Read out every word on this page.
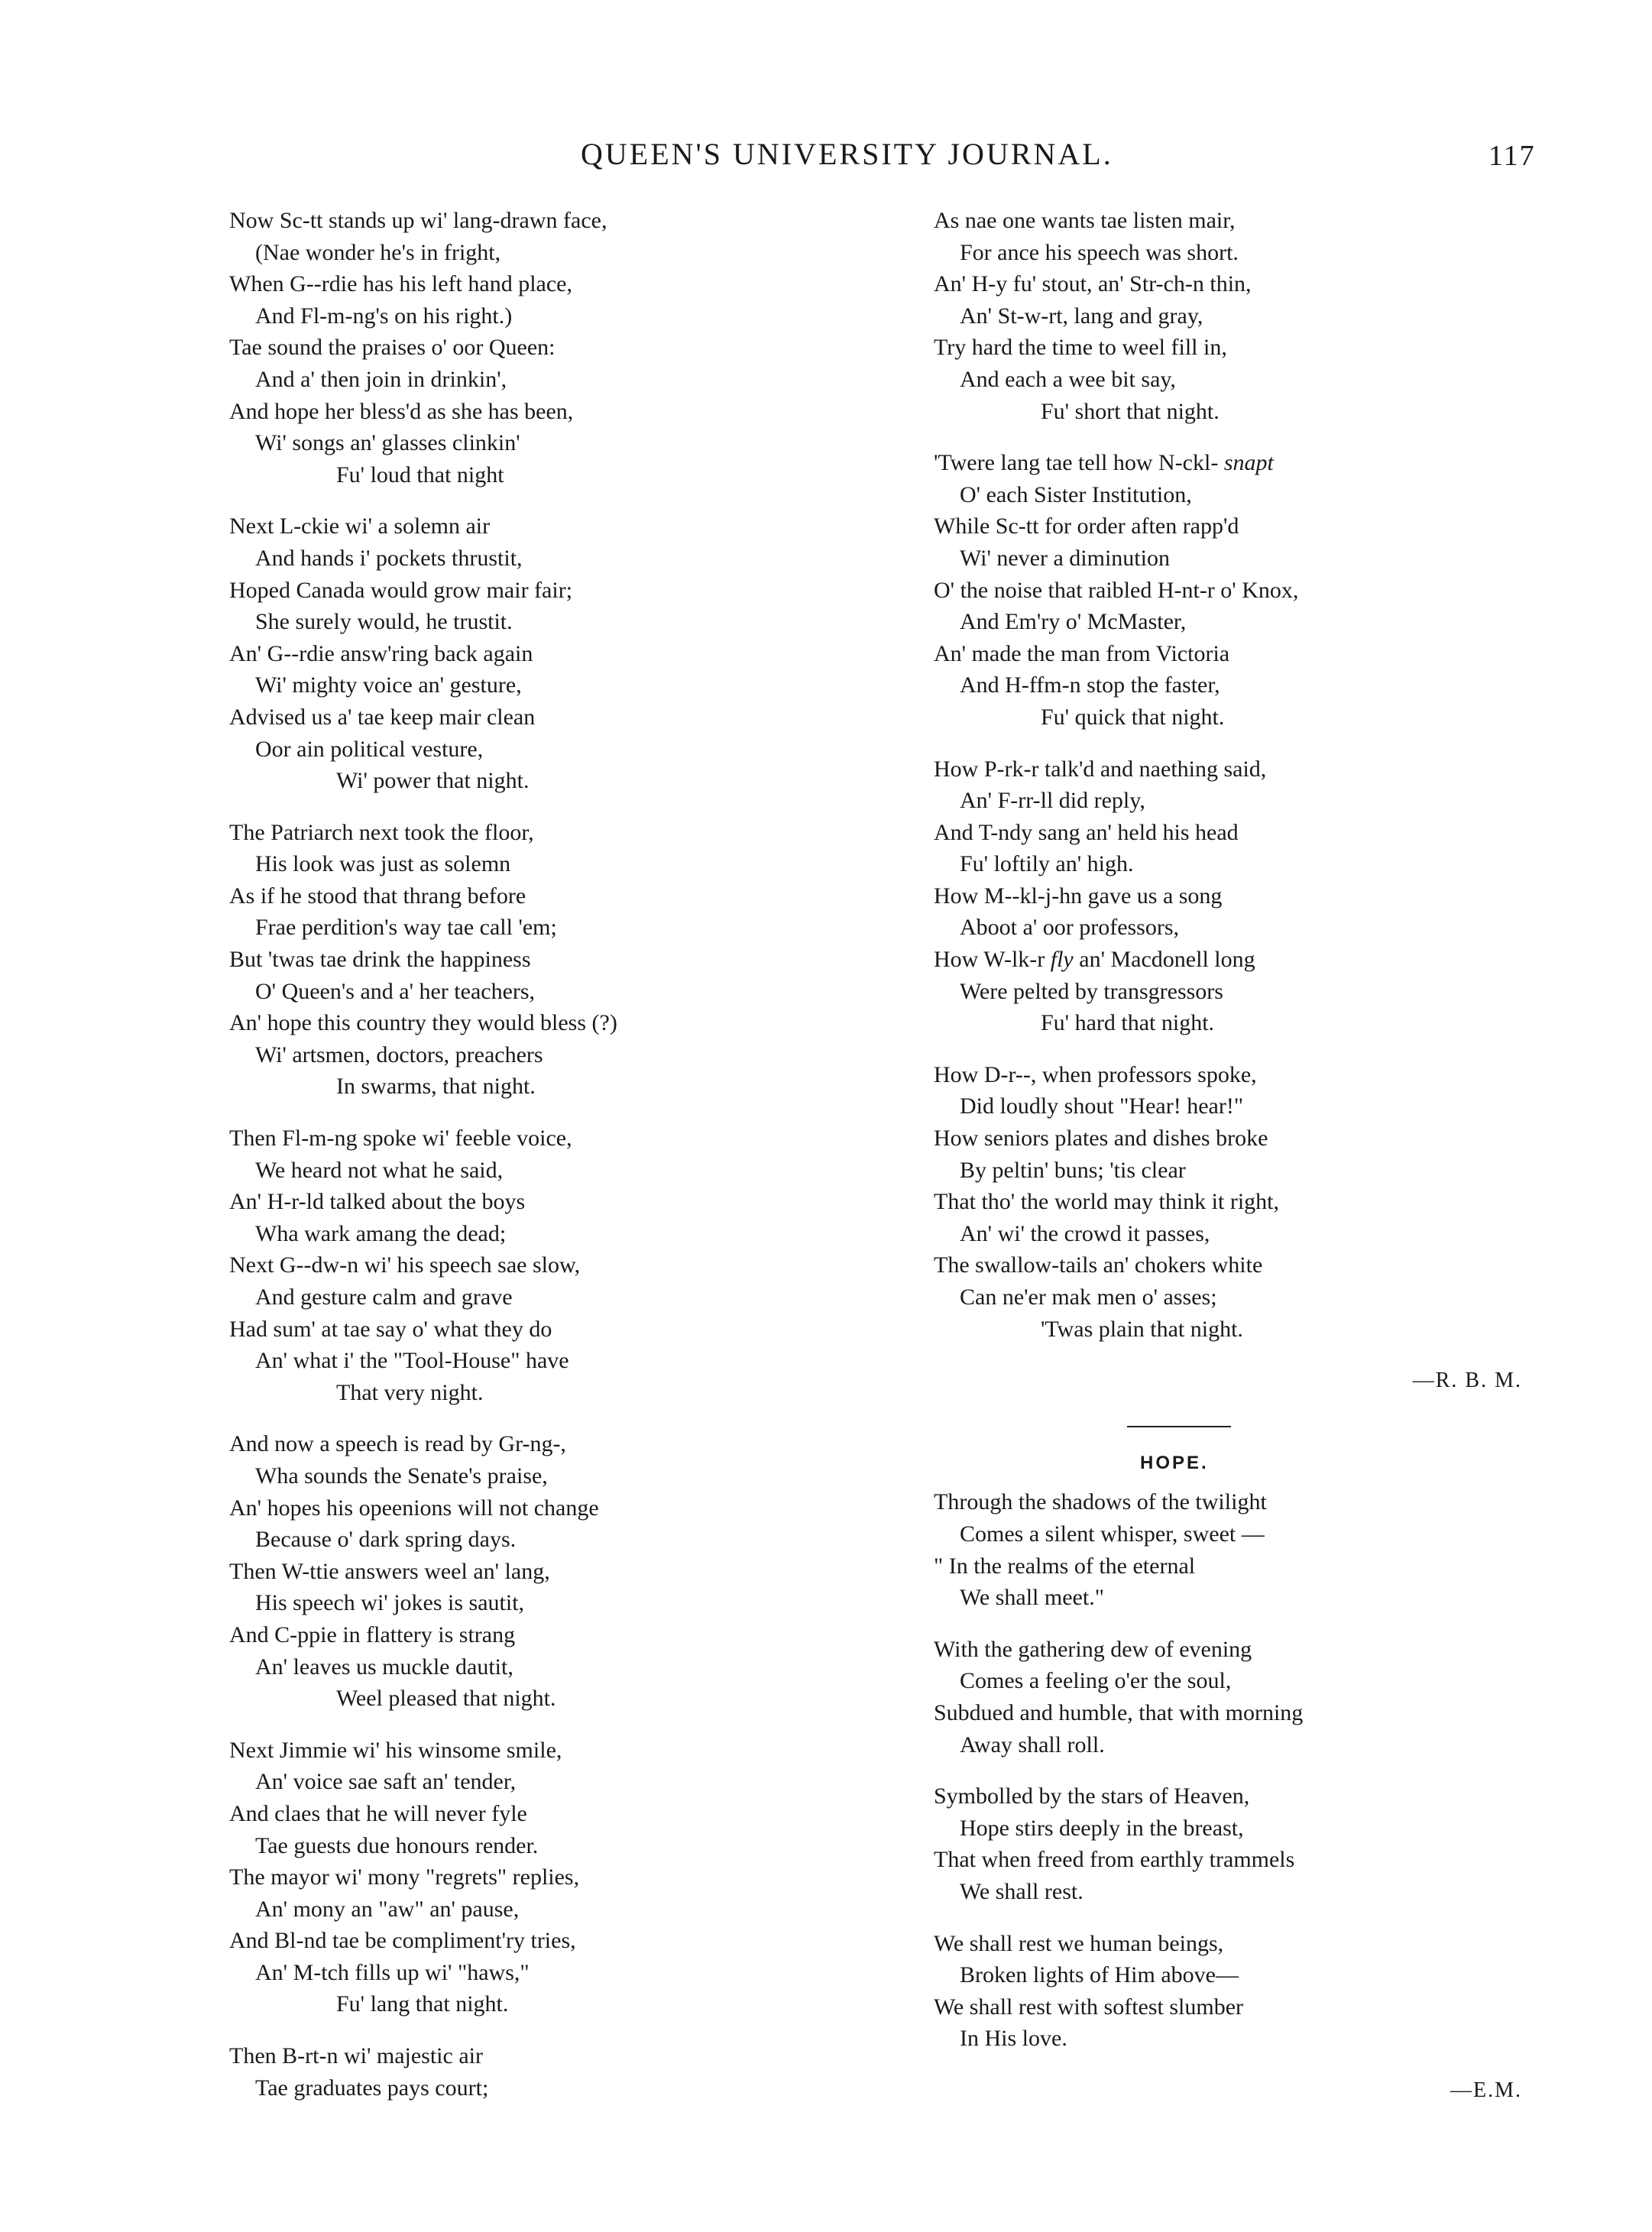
QUEEN'S UNIVERSITY JOURNAL.	117
Now Sc-tt stands up wi' lang-drawn face,
(Nae wonder he's in fright,
When G--rdie has his left hand place,
And Fl-m-ng's on his right.)
Tae sound the praises o' oor Queen:
And a' then join in drinkin',
And hope her bless'd as she has been,
Wi' songs an' glasses clinkin'
Fu' loud that night
Next L-ckie wi' a solemn air
And hands i' pockets thrustit,
Hoped Canada would grow mair fair;
She surely would, he trustit.
An' G--rdie answ'ring back again
Wi' mighty voice an' gesture,
Advised us a' tae keep mair clean
Oor ain political vesture,
Wi' power that night.
The Patriarch next took the floor,
His look was just as solemn
As if he stood that thrang before
Frae perdition's way tae call 'em;
But 'twas tae drink the happiness
O' Queen's and a' her teachers,
An' hope this country they would bless (?)
Wi' artsmen, doctors, preachers
In swarms, that night.
Then Fl-m-ng spoke wi' feeble voice,
We heard not what he said,
An' H-r-ld talked about the boys
Wha wark amang the dead;
Next G--dw-n wi' his speech sae slow,
And gesture calm and grave
Had sum' at tae say o' what they do
An' what i' the "Tool-House" have
That very night.
And now a speech is read by Gr-ng-,
Wha sounds the Senate's praise,
An' hopes his opeenions will not change
Because o' dark spring days.
Then W-ttie answers weel an' lang,
His speech wi' jokes is sautit,
And C-ppie in flattery is strang
An' leaves us muckle dautit,
Weel pleased that night.
Next Jimmie wi' his winsome smile,
An' voice sae saft an' tender,
And claes that he will never fyle
Tae guests due honours render.
The mayor wi' mony "regrets" replies,
An' mony an "aw" an' pause,
And Bl-nd tae be compliment'ry tries,
An' M-tch fills up wi' "haws,"
Fu' lang that night.
Then B-rt-n wi' majestic air
Tae graduates pays court;
As nae one wants tae listen mair,
For ance his speech was short.
An' H-y fu' stout, an' Str-ch-n thin,
An' St-w-rt, lang and gray,
Try hard the time to weel fill in,
And each a wee bit say,
Fu' short that night.
'Twere lang tae tell how N-ckl- snapt
O' each Sister Institution,
While Sc-tt for order aften rapp'd
Wi' never a diminution
O' the noise that raibled H-nt-r o' Knox,
And Em'ry o' McMaster,
An' made the man from Victoria
And H-ffm-n stop the faster,
Fu' quick that night.
How P-rk-r talk'd and naething said,
An' F-rr-ll did reply,
And T-ndy sang an' held his head
Fu' loftily an' high.
How M--kl-j-hn gave us a song
Aboot a' oor professors,
How W-lk-r fly an' Macdonell long
Were pelted by transgressors
Fu' hard that night.
How D-r--, when professors spoke,
Did loudly shout "Hear! hear!"
How seniors plates and dishes broke
By peltin' buns; 'tis clear
That tho' the world may think it right,
An' wi' the crowd it passes,
The swallow-tails an' chokers white
Can ne'er mak men o' asses;
'Twas plain that night.
—R. B. M.
HOPE.
Through the shadows of the twilight
Comes a silent whisper, sweet —
" In the realms of the eternal
We shall meet."
With the gathering dew of evening
Comes a feeling o'er the soul,
Subdued and humble, that with morning
Away shall roll.
Symbolled by the stars of Heaven,
Hope stirs deeply in the breast,
That when freed from earthly trammels
We shall rest.
We shall rest we human beings,
Broken lights of Him above—
We shall rest with softest slumber
In His love.
—E.M.
